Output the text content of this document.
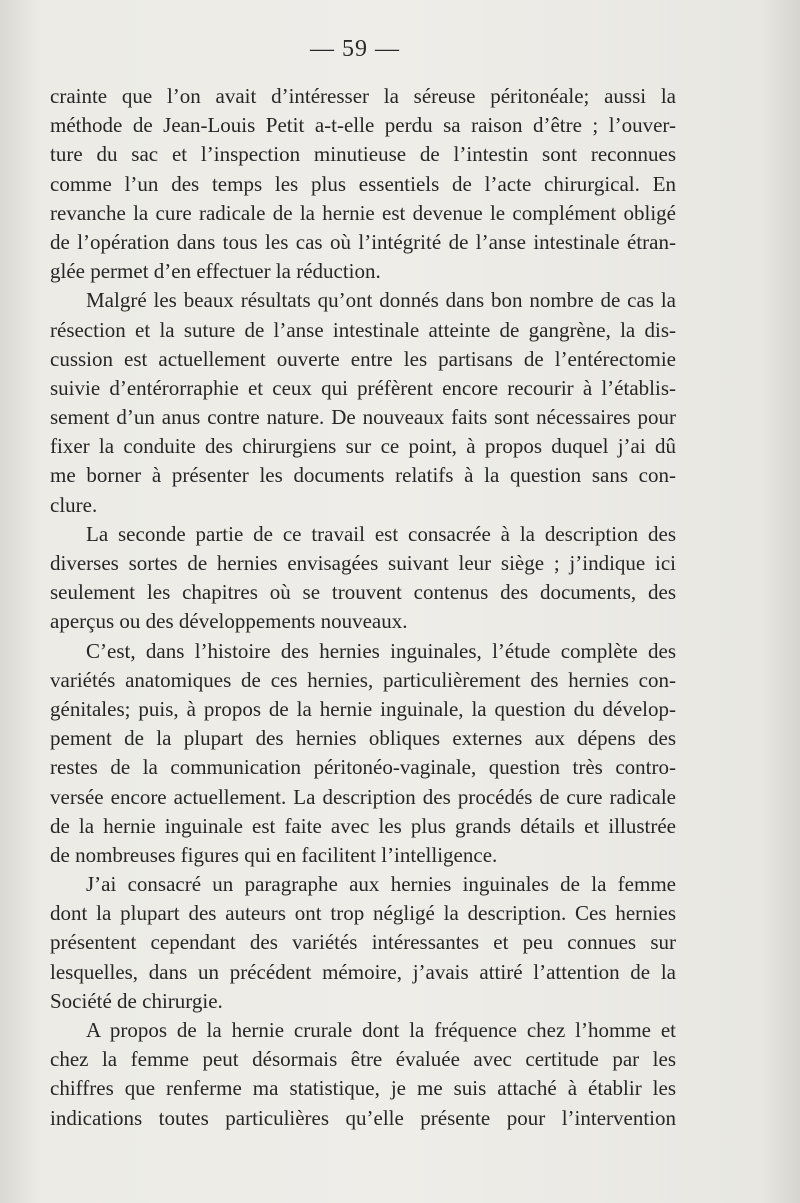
— 59 —
crainte que l’on avait d’intéresser la séreuse péritonéale; aussi la
méthode de Jean-Louis Petit a-t-elle perdu sa raison d’être ; l’ouver-
ture du sac et l’inspection minutieuse de l’intestin sont reconnues
comme l’un des temps les plus essentiels de l’acte chirurgical. En
revanche la cure radicale de la hernie est devenue le complément obligé
de l’opération dans tous les cas où l’intégrité de l’anse intestinale étran-
glée permet d’en effectuer la réduction.
Malgré les beaux résultats qu’ont donnés dans bon nombre de cas la
résection et la suture de l’anse intestinale atteinte de gangrène, la dis-
cussion est actuellement ouverte entre les partisans de l’entérectomie
suivie d’entérorraphie et ceux qui préfèrent encore recourir à l’établis-
sement d’un anus contre nature. De nouveaux faits sont nécessaires pour
fixer la conduite des chirurgiens sur ce point, à propos duquel j’ai dû
me borner à présenter les documents relatifs à la question sans con-
clure.
La seconde partie de ce travail est consacrée à la description des
diverses sortes de hernies envisagées suivant leur siège ; j’indique ici
seulement les chapitres où se trouvent contenus des documents, des
aperçus ou des développements nouveaux.
C’est, dans l’histoire des hernies inguinales, l’étude complète des
variétés anatomiques de ces hernies, particulièrement des hernies con-
génitales; puis, à propos de la hernie inguinale, la question du dévelop-
pement de la plupart des hernies obliques externes aux dépens des
restes de la communication péritonéo-vaginale, question très contro-
versée encore actuellement. La description des procédés de cure radicale
de la hernie inguinale est faite avec les plus grands détails et illustrée
de nombreuses figures qui en facilitent l’intelligence.
J’ai consacré un paragraphe aux hernies inguinales de la femme
dont la plupart des auteurs ont trop négligé la description. Ces hernies
présentent cependant des variétés intéressantes et peu connues sur
lesquelles, dans un précédent mémoire, j’avais attiré l’attention de la
Société de chirurgie.
A propos de la hernie crurale dont la fréquence chez l’homme et
chez la femme peut désormais être évaluée avec certitude par les
chiffres que renferme ma statistique, je me suis attaché à établir les
indications toutes particulières qu’elle présente pour l’intervention
